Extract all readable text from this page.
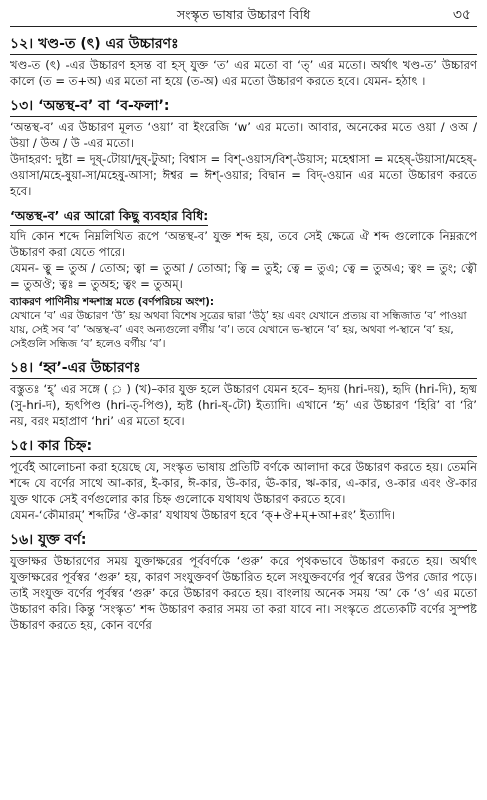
সংস্কৃত ভাষার উচ্চারণ বিধি	৩৫
১২। খণ্ড-ত (ৎ) এর উচ্চারণঃ

খণ্ড-ত (ৎ) -এর উচ্চারণ হসন্ত বা হস্ যুক্ত ‘ত’ এর মতো বা ‘ত্’ এর মতো। অর্থাৎ খণ্ড-ত’ উচ্চারণ কালে (ত = ত+অ) এর মতো না হয়ে (ত-অ) এর মতো উচ্চারণ করতে হবে। যেমন- হঠাৎ ।

১৩। ‘অন্তস্থ-ব’ বা ‘ব-ফলা’:

‘অন্তস্থ-ব’ এর উচ্চারণ মূলত ‘ওয়া’ বা ইংরেজি ‘w’ এর মতো। আবার, অনেকের মতে ওয়া / ওঅ / উয়া / উঅ / উ -এর মতো।

উদাহরণ: দুষ্টা = দূষ্-টোয়া/দুষ্-টুআ; বিশ্বাস = বিশ্-ওয়াস/বিশ্-উয়াস; মহেশ্বাসা = মহেষ্-উয়াসা/মহেষ্-ওয়াসা/মহে-ষুয়া-সা/মহেষু-আসা; ঈশ্বর = ঈশ্-ওয়ার; বিদ্বান = বিদ্-ওয়ান এর মতো উচ্চারণ করতে হবে।

‘অন্তস্থ-ব’ এর আরো কিছু ব্যবহার বিধি:

যদি কোন শব্দে নিম্নলিখিত রূপে ‘অন্তস্থ-ব’ যুক্ত শব্দ হয়, তবে সেই ক্ষেত্রে ঐ শব্দ গুলোকে নিম্নরূপে উচ্চারণ করা যেতে পারে।

যেমন- ত্বু = তুঅ / তোঅ; ত্বা = তুআ / তোআ; ত্বি = তুই; ত্বে = তুএ; ত্বে = তুঅএ; ত্বং = তুং; ত্বৌ = তুঅঔ; ত্বঃ = তুঅহ; ত্বং = তুঅম্।

ব্যাকরণ পাণিনীয় শব্দশাস্ত্র মতে (বর্ণপরিচয় অংশ):
যেখানে ‘ব’ এর উচ্চারণ ‘উ’ হয় অথবা বিশেষ সূত্রের দ্বারা ‘উঠ্’ হয় এবং যেখানে প্রত্যয় বা সন্ধিজাত ‘ব’ পাওয়া যায়, সেই সব ‘ব’ ‘অন্তস্থ-ব’ এবং অন্যগুলো বর্গীয় ‘ব’। তবে যেখানে ভ-স্থানে ‘ব’ হয়, অথবা প-স্থানে ‘ব’ হয়, সেইগুলি সন্ধিজ ‘ব’ হলেও বর্গীয় ‘ব’।
১৪। ‘হ্ব’-এর উচ্চারণঃ

বস্তুতঃ ‘হ্’ এর সঙ্গে ( ় ) (খ)–কার যুক্ত হলে উচ্চারণ যেমন হবে– হৃদয় (hri-দয়), হৃদি (hri-দি), হৃষ্ম (সু-hri-দ), হৃৎপিণ্ড (hri-ত্-পিণ্ড), হৃষ্ট (hri-ষ্-টো) ইত্যাদি। এখানে ‘হৃ’ এর উচ্চারণ ‘হিরি’ বা ‘রি’ নয়, বরং মহাপ্রাণ ‘hri’ এর মতো হবে।

১৫। কার চিহ্ন:

পূর্বেই আলোচনা করা হয়েছে যে, সংস্কৃত ভাষায় প্রতিটি বর্ণকে আলাদা করে উচ্চারণ করতে হয়। তেমনি শব্দে যে বর্ণের সাথে আ-কার, ই-কার, ঈ-কার, উ-কার, ঊ-কার, ঋ-কার, এ-কার, ও-কার এবং ঔ-কার যুক্ত থাকে সেই বর্ণগুলোর কার চিহ্ন গুলোকে যথাযথ উচ্চারণ করতে হবে।

যেমন-‘কৌমারম্’ শব্দটির ‘ঔ-কার’ যথাযথ উচ্চারণ হবে ‘ক্+ঔ+ম্+আ+রং’ ইত্যাদি।

১৬। যুক্ত বর্ণ:

যুক্তাক্ষর উচ্চারণের সময় যুক্তাক্ষরের পূর্ববর্ণকে ‘গুরু’ করে পৃথকভাবে উচ্চারণ করতে হয়। অর্থাৎ যুক্তাক্ষরের পূর্বস্বর ‘গুরু’ হয়, কারণ সংযুক্তবর্ণ উচ্চারিত হলে সংযুক্তবর্ণের পূর্ব স্বরের উপর জোর পড়ে। তাই সংযুক্ত বর্ণের পূর্বস্বর ‘গুরু’ করে উচ্চারণ করতে হয়। বাংলায় অনেক সময় ‘অ’ কে ‘ও’ এর মতো উচ্চারণ করি। কিন্তু ‘সংস্কৃত’ শব্দ উচ্চারণ করার সময় তা করা যাবে না। সংস্কৃতে প্রত্যেকটি বর্ণের সুস্পষ্ট উচ্চারণ করতে হয়, কোন বর্ণের
